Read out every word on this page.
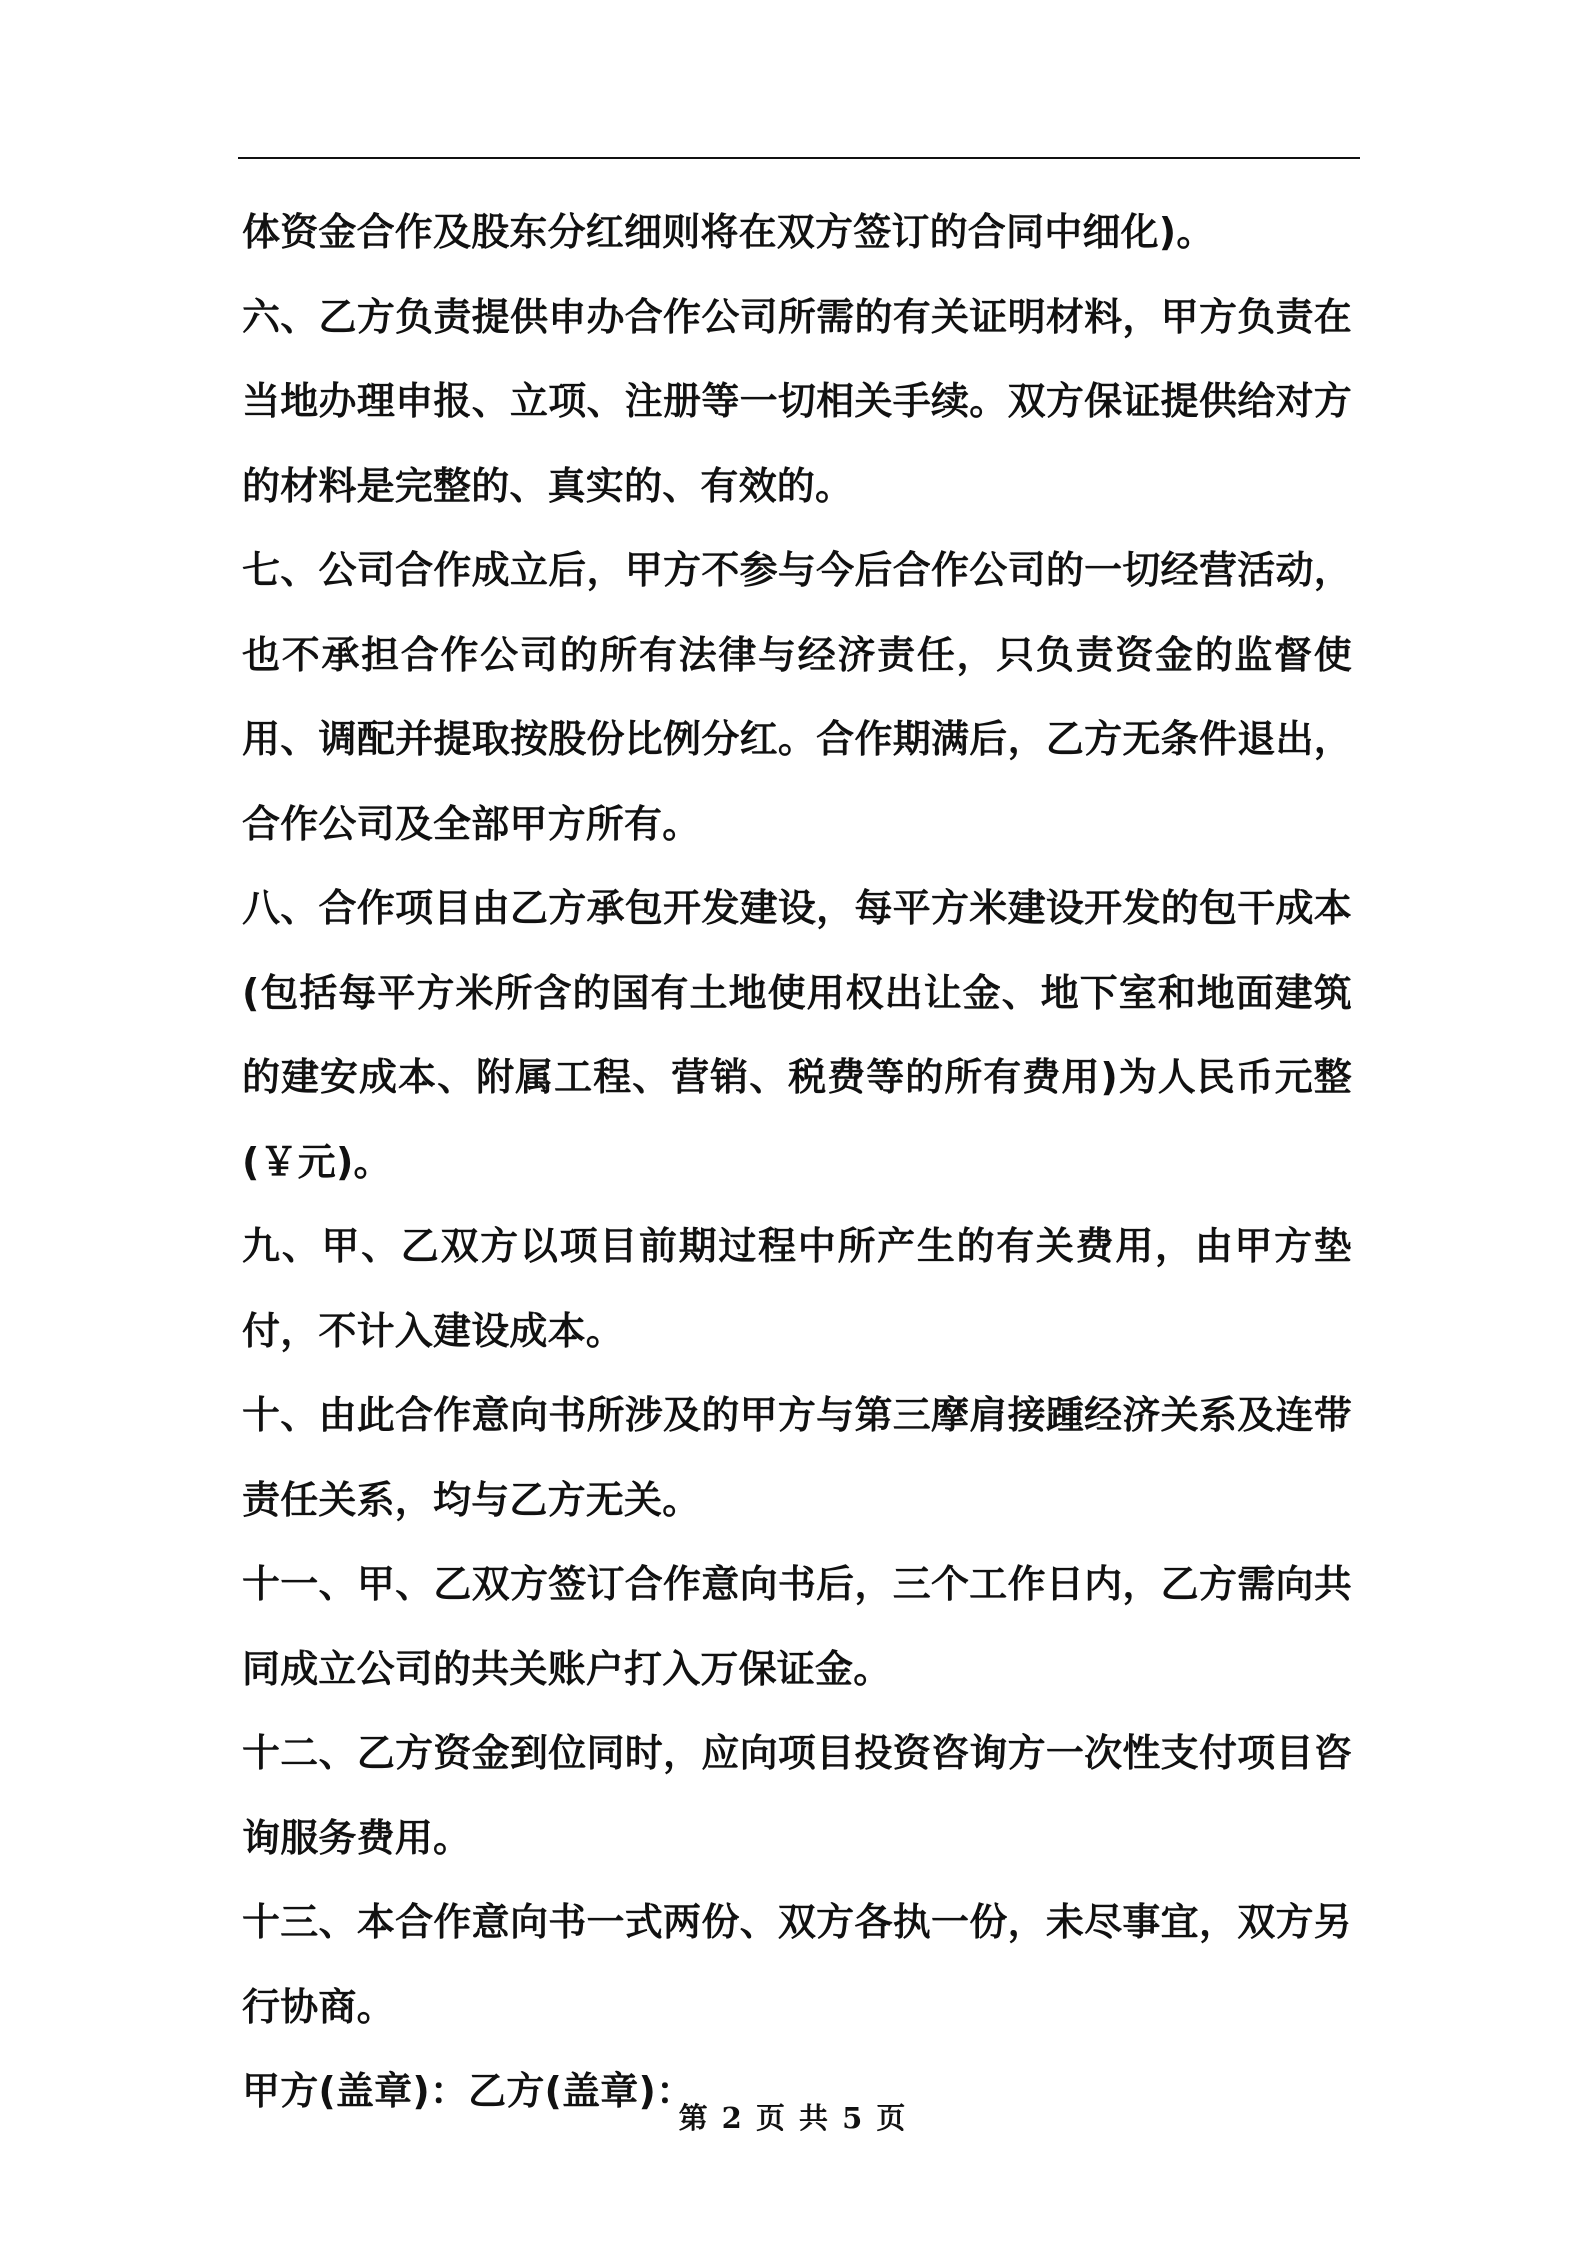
体资金合作及股东分红细则将在双方签订的合同中细化)。

六、乙方负责提供申办合作公司所需的有关证明材料，甲方负责在当地办理申报、立项、注册等一切相关手续。双方保证提供给对方的材料是完整的、真实的、有效的。

七、公司合作成立后，甲方不参与今后合作公司的一切经营活动，也不承担合作公司的所有法律与经济责任，只负责资金的监督使用、调配并提取按股份比例分红。合作期满后，乙方无条件退出，合作公司及全部甲方所有。

八、合作项目由乙方承包开发建设，每平方米建设开发的包干成本(包括每平方米所含的国有土地使用权出让金、地下室和地面建筑的建安成本、附属工程、营销、税费等的所有费用)为人民币元整(￥元)。

九、甲、乙双方以项目前期过程中所产生的有关费用，由甲方垫付，不计入建设成本。

十、由此合作意向书所涉及的甲方与第三摩肩接踵经济关系及连带责任关系，均与乙方无关。

十一、甲、乙双方签订合作意向书后，三个工作日内，乙方需向共同成立公司的共关账户打入万保证金。

十二、乙方资金到位同时，应向项目投资咨询方一次性支付项目咨询服务费用。

十三、本合作意向书一式两份、双方各执一份，未尽事宜，双方另行协商。

甲方(盖章)：乙方(盖章)：

第 2 页 共 5 页
